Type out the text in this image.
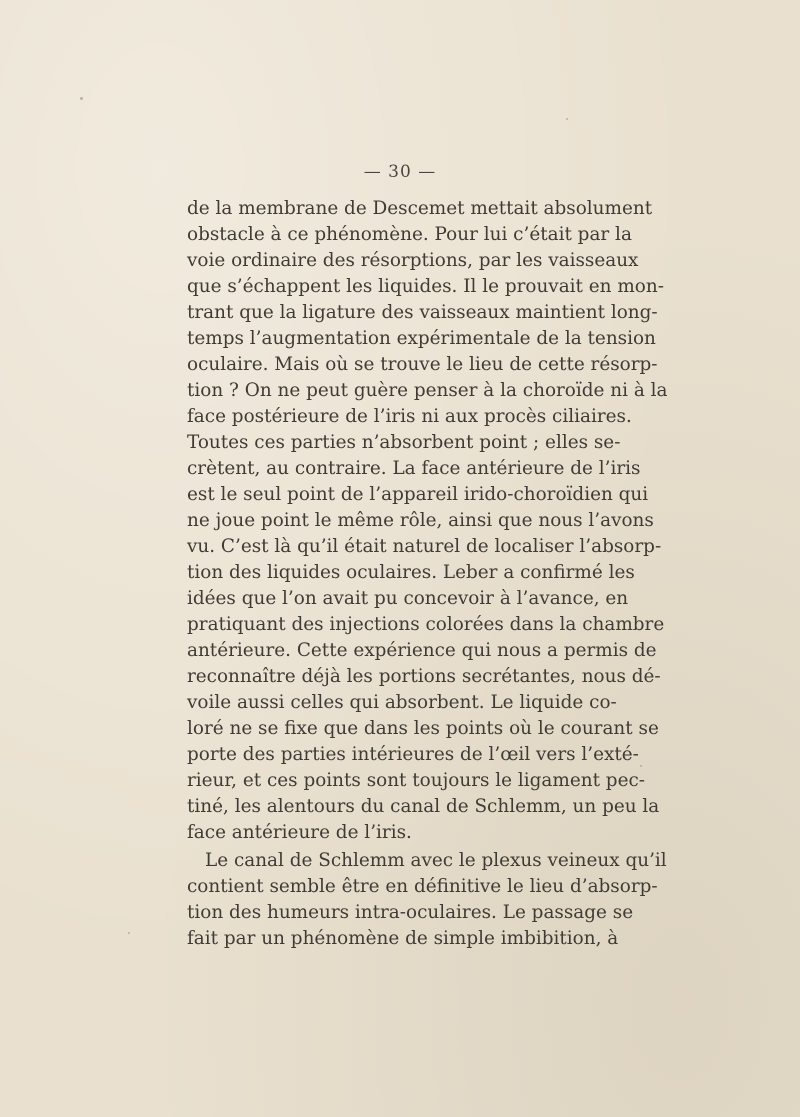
— 30 —
de la membrane de Descemet mettait absolument
obstacle à ce phénomène. Pour lui c’était par la
voie ordinaire des résorptions, par les vaisseaux
que s’échappent les liquides. Il le prouvait en mon-
trant que la ligature des vaisseaux maintient long-
temps l’augmentation expérimentale de la tension
oculaire. Mais où se trouve le lieu de cette résorp-
tion ? On ne peut guère penser à la choroïde ni à la
face postérieure de l’iris ni aux procès ciliaires.
Toutes ces parties n’absorbent point ; elles se-
crètent, au contraire. La face antérieure de l’iris
est le seul point de l’appareil irido-choroïdien qui
ne joue point le même rôle, ainsi que nous l’avons
vu. C’est là qu’il était naturel de localiser l’absorp-
tion des liquides oculaires. Leber a confirmé les
idées que l’on avait pu concevoir à l’avance, en
pratiquant des injections colorées dans la chambre
antérieure. Cette expérience qui nous a permis de
reconnaître déjà les portions secrétantes, nous dé-
voile aussi celles qui absorbent. Le liquide co-
loré ne se fixe que dans les points où le courant se
porte des parties intérieures de l’œil vers l’exté-
rieur, et ces points sont toujours le ligament pec-
tiné, les alentours du canal de Schlemm, un peu la
face antérieure de l’iris.
Le canal de Schlemm avec le plexus veineux qu’il
contient semble être en définitive le lieu d’absorp-
tion des humeurs intra-oculaires. Le passage se
fait par un phénomène de simple imbibition, à
